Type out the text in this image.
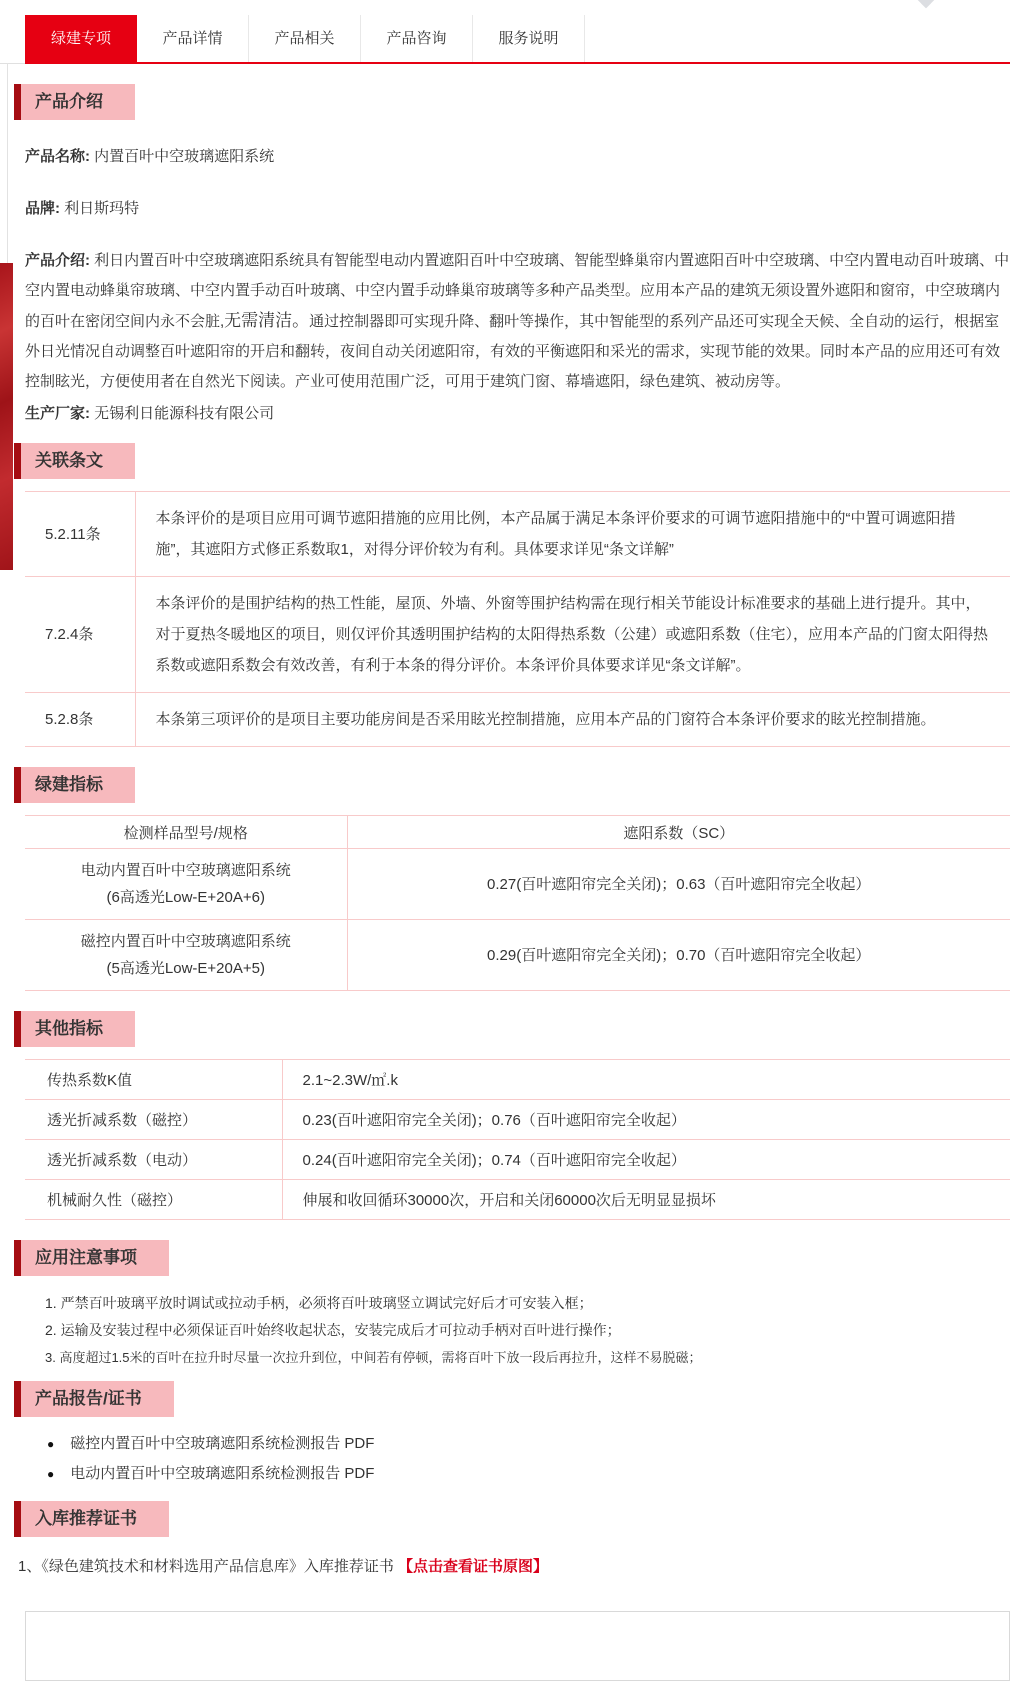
绿建专项	产品详情	产品相关	产品咨询	服务说明
产品介绍

产品名称: 内置百叶中空玻璃遮阳系统

品牌: 利日斯玛特

产品介绍: 利日内置百叶中空玻璃遮阳系统具有智能型电动内置遮阳百叶中空玻璃、智能型蜂巢帘内置遮阳百叶中空玻璃、中空内置电动百叶玻璃、中空内置电动蜂巢帘玻璃、中空内置手动百叶玻璃、中空内置手动蜂巢帘玻璃等多种产品类型。应用本产品的建筑无须设置外遮阳和窗帘，中空玻璃内的百叶在密闭空间内永不会脏,无需清洁。通过控制器即可实现升降、翻叶等操作，其中智能型的系列产品还可实现全天候、全自动的运行，根据室外日光情况自动调整百叶遮阳帘的开启和翻转，夜间自动关闭遮阳帘，有效的平衡遮阳和采光的需求，实现节能的效果。同时本产品的应用还可有效控制眩光，方便使用者在自然光下阅读。产业可使用范围广泛，可用于建筑门窗、幕墙遮阳，绿色建筑、被动房等。

生产厂家: 无锡利日能源科技有限公司

关联条文
5.2.11条	本条评价的是项目应用可调节遮阳措施的应用比例，本产品属于满足本条评价要求的可调节遮阳措施中的“中置可调遮阳措施”，其遮阳方式修正系数取1，对得分评价较为有利。具体要求详见“条文详解”
7.2.4条	本条评价的是围护结构的热工性能，屋顶、外墙、外窗等围护结构需在现行相关节能设计标准要求的基础上进行提升。其中，对于夏热冬暖地区的项目，则仅评价其透明围护结构的太阳得热系数（公建）或遮阳系数（住宅），应用本产品的门窗太阳得热系数或遮阳系数会有效改善，有利于本条的得分评价。本条评价具体要求详见“条文详解”。
5.2.8条	本条第三项评价的是项目主要功能房间是否采用眩光控制措施，应用本产品的门窗符合本条评价要求的眩光控制措施。
绿建指标
检测样品型号/规格	遮阳系数（SC）

电动内置百叶中空玻璃遮阳系统
(6高透光Low-E+20A+6)	0.27(百叶遮阳帘完全关闭)；0.63（百叶遮阳帘完全收起）

磁控内置百叶中空玻璃遮阳系统
(5高透光Low-E+20A+5)	0.29(百叶遮阳帘完全关闭)；0.70（百叶遮阳帘完全收起）
其他指标
传热系数K值	2.1~2.3W/㎡.k
透光折减系数（磁控）	0.23(百叶遮阳帘完全关闭)；0.76（百叶遮阳帘完全收起）
透光折减系数（电动）	0.24(百叶遮阳帘完全关闭)；0.74（百叶遮阳帘完全收起）
机械耐久性（磁控）	伸展和收回循环30000次，开启和关闭60000次后无明显显损坏
应用注意事项
1. 严禁百叶玻璃平放时调试或拉动手柄，必须将百叶玻璃竖立调试完好后才可安装入框；
2. 运输及安装过程中必须保证百叶始终收起状态，安装完成后才可拉动手柄对百叶进行操作；
3. 高度超过1.5米的百叶在拉升时尽量一次拉升到位，中间若有停顿，需将百叶下放一段后再拉升，这样不易脱磁；
产品报告/证书
● 磁控内置百叶中空玻璃遮阳系统检测报告 PDF
● 电动内置百叶中空玻璃遮阳系统检测报告 PDF
入库推荐证书

1、《绿色建筑技术和材料选用产品信息库》入库推荐证书 【点击查看证书原图】
